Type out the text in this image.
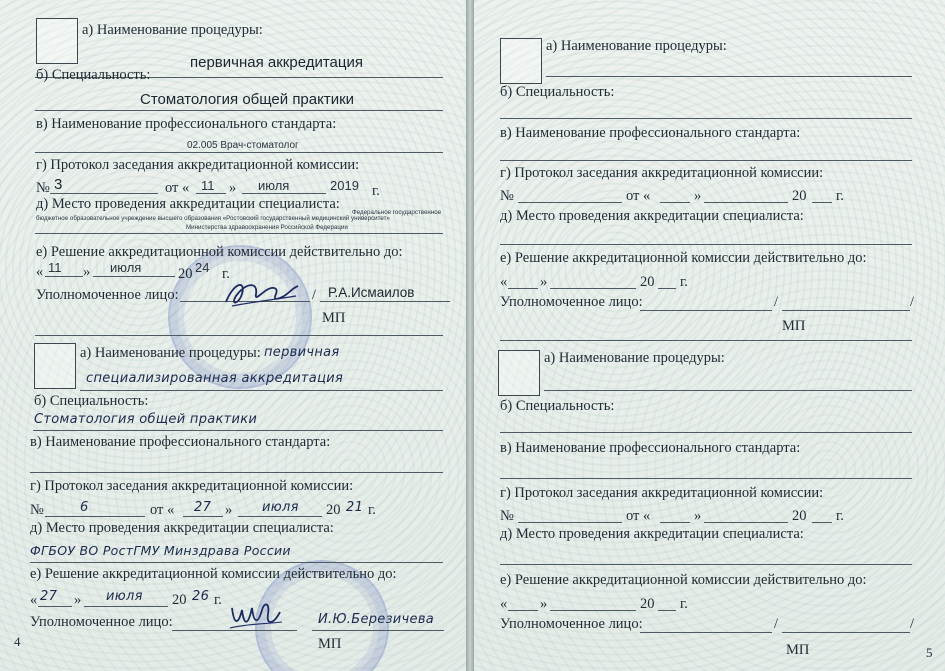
а) Наименование процедуры:
первичная аккредитация
б) Специальность:
Стоматология общей практики
в) Наименование профессионального стандарта:
02.005 Врач-стоматолог
г) Протокол заседания аккредитационной комиссии:
№ 3	от « 11 » июля	2019 г.
д) Место проведения аккредитации специалиста:
Федеральное государственное
бюджетное образовательное учреждение высшего образования «Ростовский государственный медицинский университет»
Министерства здравоохранения Российской Федерации
е) Решение аккредитационной комиссии действительно до:
« 11 » июля	20 24 г.
Уполномоченное лицо:	/ Р.А.Исмаилов
МП
а) Наименование процедуры: первичная
специализированная аккредитация
б) Специальность:
Стоматология общей практики
в) Наименование профессионального стандарта:
г) Протокол заседания аккредитационной комиссии:
№	6	от « 27 » июля 20 21 г.
д) Место проведения аккредитации специалиста:
ФГБОУ ВО РостГМУ Минздрава России
е) Решение аккредитационной комиссии действительно до:
« 27 » июля 20 26 г.
Уполномоченное лицо:	И.Ю.Березичева
МП
4
а) Наименование процедуры:
б) Специальность:
в) Наименование профессионального стандарта:
г) Протокол заседания аккредитационной комиссии:
№	от «	»	20 г.
д) Место проведения аккредитации специалиста:
е) Решение аккредитационной комиссии действительно до:
« »	20 г.
Уполномоченное лицо:	/	/
МП
а) Наименование процедуры:
б) Специальность:
в) Наименование профессионального стандарта:
г) Протокол заседания аккредитационной комиссии:
№	от «	»	20 г.
д) Место проведения аккредитации специалиста:
е) Решение аккредитационной комиссии действительно до:
« »	20 г.
Уполномоченное лицо:	/	/
МП	5
